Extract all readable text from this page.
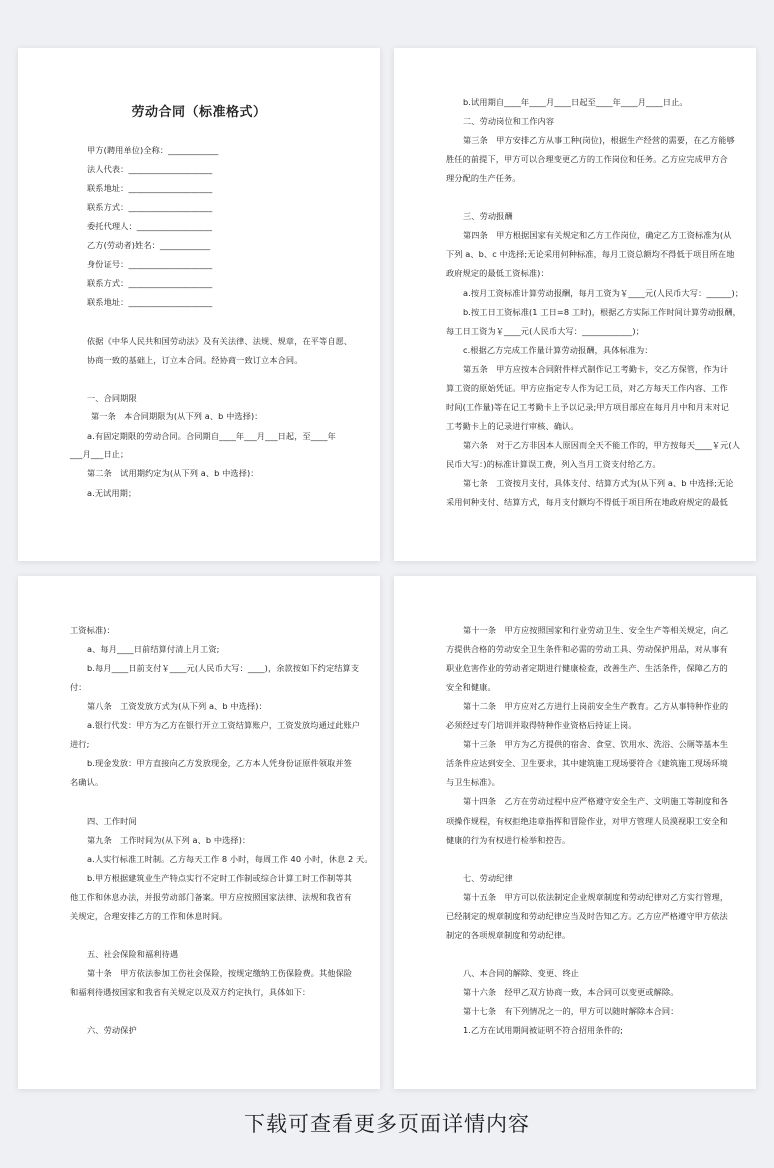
劳动合同（标准格式）
甲方(聘用单位)全称：____________
法人代表：____________________
联系地址：____________________
联系方式：____________________
委托代理人：__________________
乙方(劳动者)姓名：____________
身份证号：____________________
联系方式：____________________
联系地址：____________________
依据《中华人民共和国劳动法》及有关法律、法规、规章，在平等自愿、
协商一致的基础上，订立本合同。经协商一致订立本合同。
一、合同期限
第一条　本合同期限为(从下列 a、b 中选择)：
a.有固定期限的劳动合同。合同期自____年___月___日起，至____年
___月___日止；
第二条　试用期约定为(从下列 a、b 中选择)：
a.无试用期；
b.试用期自____年____月____日起至____年____月____日止。
二、劳动岗位和工作内容
第三条　甲方安排乙方从事工种(岗位)，根据生产经营的需要，在乙方能够
胜任的前提下，甲方可以合理变更乙方的工作岗位和任务。乙方应完成甲方合
理分配的生产任务。
三、劳动报酬
第四条　甲方根据国家有关规定和乙方工作岗位，确定乙方工资标准为(从
下列 a、b、c 中选择;无论采用何种标准，每月工资总额均不得低于项目所在地
政府规定的最低工资标准)：
a.按月工资标准计算劳动报酬，每月工资为￥____元(人民币大写：______)；
b.按工日工资标准(1 工日=8 工时)，根据乙方实际工作时间计算劳动报酬，
每工日工资为￥____元(人民币大写：____________)；
c.根据乙方完成工作量计算劳动报酬，具体标准为：
第五条　甲方应按本合同附件样式制作记工考勤卡，交乙方保管，作为计
算工资的原始凭证。甲方应指定专人作为记工员，对乙方每天工作内容、工作
时间(工作量)等在记工考勤卡上予以记录;甲方项目部应在每月月中和月末对记
工考勤卡上的记录进行审核、确认。
第六条　对于乙方非因本人原因而全天不能工作的，甲方按每天____￥元(人
民币大写：)的标准计算误工费，列入当月工资支付给乙方。
第七条　工资按月支付，具体支付、结算方式为(从下列 a、b 中选择;无论
采用何种支付、结算方式，每月支付额均不得低于项目所在地政府规定的最低
工资标准)：
a、每月____日前结算付清上月工资;
b.每月____日前支付￥____元(人民币大写：____)，余款按如下约定结算支
付：
第八条　工资发放方式为(从下列 a、b 中选择)：
a.银行代发：甲方为乙方在银行开立工资结算账户，工资发放均通过此账户
进行;
b.现金发放：甲方直接向乙方发放现金，乙方本人凭身份证原件领取并签
名确认。
四、工作时间
第九条　工作时间为(从下列 a、b 中选择)：
a.人实行标准工时制。乙方每天工作 8 小时，每周工作 40 小时，休息 2 天。
b.甲方根据建筑业生产特点实行不定时工作制或综合计算工时工作制等其
他工作和休息办法，并报劳动部门备案。甲方应按照国家法律、法规和我省有
关规定，合理安排乙方的工作和休息时间。
五、社会保险和福利待遇
第十条　甲方依法参加工伤社会保险，按规定缴纳工伤保险费。其他保险
和福利待遇按国家和我省有关规定以及双方约定执行，具体如下：
六、劳动保护
第十一条　甲方应按照国家和行业劳动卫生、安全生产等相关规定，向乙
方提供合格的劳动安全卫生条件和必需的劳动工具、劳动保护用品，对从事有
职业危害作业的劳动者定期进行健康检查，改善生产、生活条件，保障乙方的
安全和健康。
第十二条　甲方应对乙方进行上岗前安全生产教育。乙方从事特种作业的
必须经过专门培训并取得特种作业资格后持证上岗。
第十三条　甲方为乙方提供的宿舍、食堂、饮用水、洗浴、公厕等基本生
活条件应达到安全、卫生要求，其中建筑施工现场要符合《建筑施工现场环境
与卫生标准》。
第十四条　乙方在劳动过程中应严格遵守安全生产、文明施工等制度和各
项操作规程，有权拒绝违章指挥和冒险作业，对甲方管理人员漠视职工安全和
健康的行为有权进行检举和控告。
七、劳动纪律
第十五条　甲方可以依法制定企业规章制度和劳动纪律对乙方实行管理，
已经制定的规章制度和劳动纪律应当及时告知乙方。乙方应严格遵守甲方依法
制定的各项规章制度和劳动纪律。
八、本合同的解除、变更、终止
第十六条　经甲乙双方协商一致，本合同可以变更或解除。
第十七条　有下列情况之一的，甲方可以随时解除本合同：
1.乙方在试用期间被证明不符合招用条件的;
下载可查看更多页面详情内容
